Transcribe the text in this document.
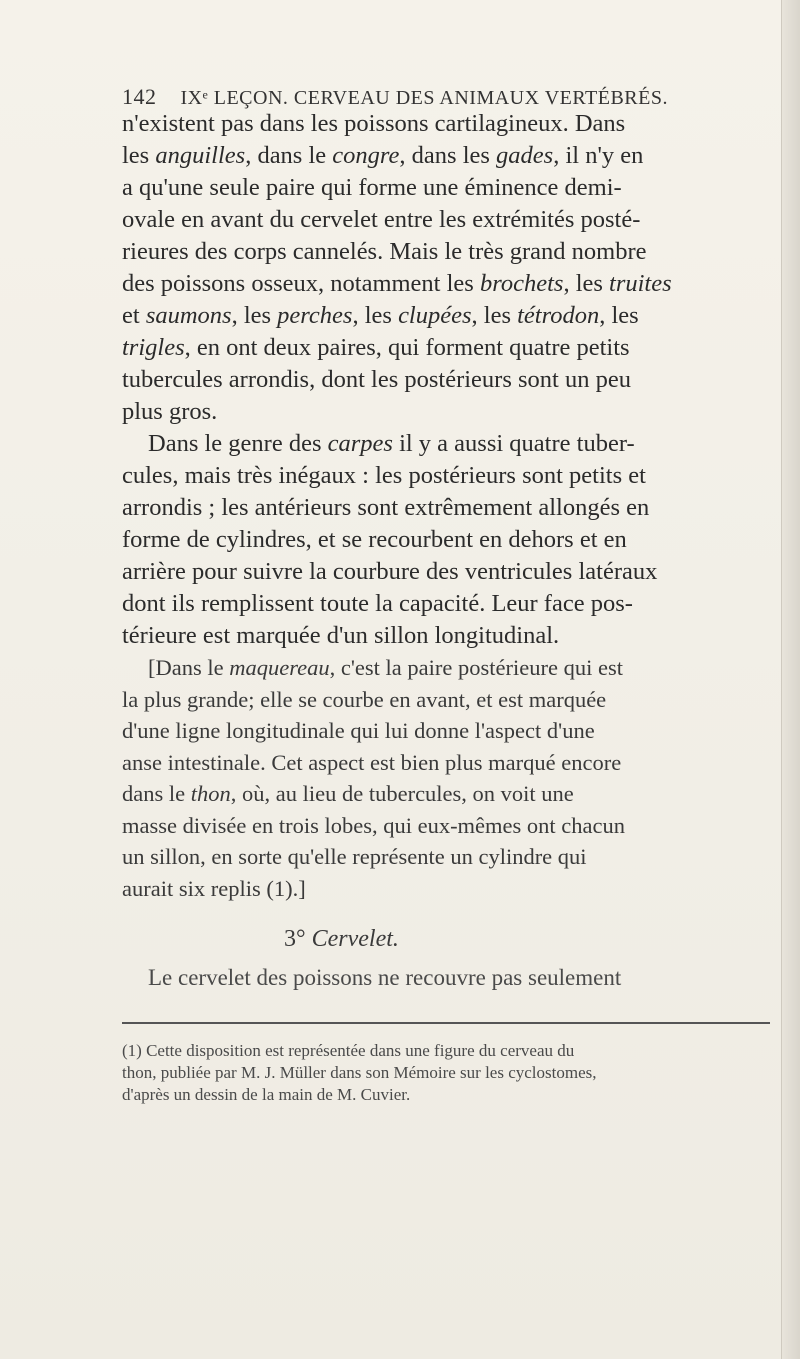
142 IXᵉ LEÇON. CERVEAU DES ANIMAUX VERTÉBRÉS.
n'existent pas dans les poissons cartilagineux. Dans
les anguilles, dans le congre, dans les gades, il n'y en
a qu'une seule paire qui forme une éminence demi-
ovale en avant du cervelet entre les extrémités posté-
rieures des corps cannelés. Mais le très grand nombre
des poissons osseux, notamment les brochets, les truites
et saumons, les perches, les clupées, les tétrodon, les
trigles, en ont deux paires, qui forment quatre petits
tubercules arrondis, dont les postérieurs sont un peu
plus gros.
Dans le genre des carpes il y a aussi quatre tuber-
cules, mais très inégaux : les postérieurs sont petits et
arrondis ; les antérieurs sont extrêmement allongés en
forme de cylindres, et se recourbent en dehors et en
arrière pour suivre la courbure des ventricules latéraux
dont ils remplissent toute la capacité. Leur face pos-
térieure est marquée d'un sillon longitudinal.
[Dans le maquereau, c'est la paire postérieure qui est
la plus grande; elle se courbe en avant, et est marquée
d'une ligne longitudinale qui lui donne l'aspect d'une
anse intestinale. Cet aspect est bien plus marqué encore
dans le thon, où, au lieu de tubercules, on voit une
masse divisée en trois lobes, qui eux-mêmes ont chacun
un sillon, en sorte qu'elle représente un cylindre qui
aurait six replis (1).]
3° Cervelet.
Le cervelet des poissons ne recouvre pas seulement
(1) Cette disposition est représentée dans une figure du cerveau du
thon, publiée par M. J. Müller dans son Mémoire sur les cyclostomes,
d'après un dessin de la main de M. Cuvier.
